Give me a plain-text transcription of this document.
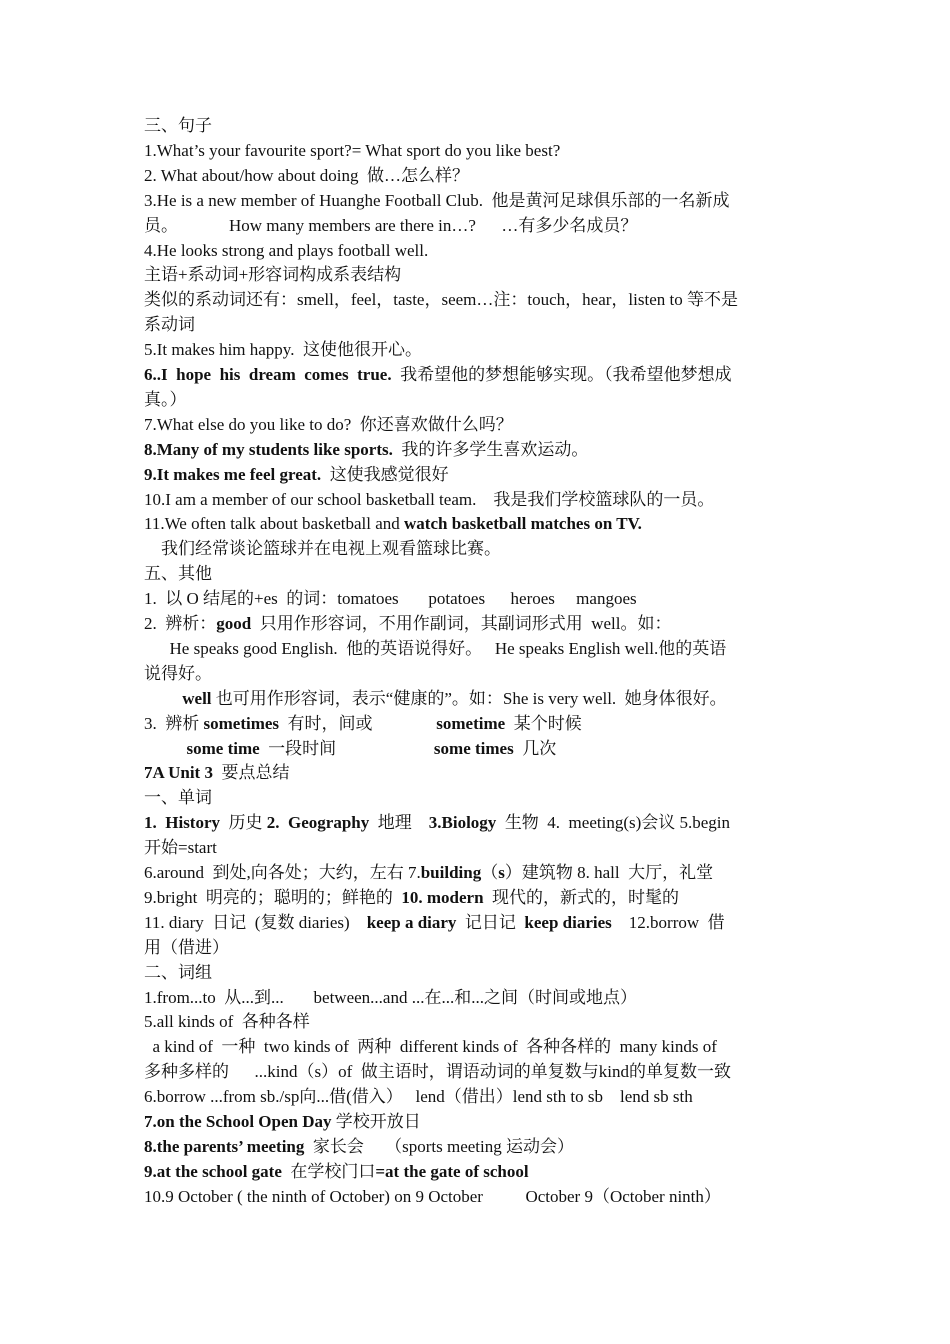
三、句子
1.What’s your favourite sport?= What sport do you like best?
2. What about/how about doing  做…怎么样？
3.He is a new member of Huanghe Football Club.  他是黄河足球俱乐部的一名新成
员。            How many members are there in…?      …有多少名成员？
4.He looks strong and plays football well.
主语+系动词+形容词构成系表结构
类似的系动词还有：smell，feel，taste，seem…注：touch，hear，listen to 等不是
系动词
5.It makes him happy.  这使他很开心。
6..I  hope  his  dream  comes  true.  我希望他的梦想能够实现。（我希望他梦想成
真。）
7.What else do you like to do?  你还喜欢做什么吗？
8.Many of my students like sports.  我的许多学生喜欢运动。
9.It makes me feel great.  这使我感觉很好
10.I am a member of our school basketball team.    我是我们学校篮球队的一员。
11.We often talk about basketball and watch basketball matches on TV.
我们经常谈论篮球并在电视上观看篮球比赛。
五、其他
1.  以 O 结尾的+es  的词：tomatoes       potatoes      heroes     mangoes
2.  辨析：good  只用作形容词，不用作副词，其副词形式用  well。如：
He speaks good English.  他的英语说得好。   He speaks English well.他的英语
说得好。
well 也可用作形容词，表示“健康的”。如：She is very well.  她身体很好。
3.  辨析 sometimes  有时，间或               sometime  某个时候
some time  一段时间                       some times  几次
7A Unit 3  要点总结
一、单词
1.  History  历史 2.  Geography  地理    3.Biology  生物  4.  meeting(s)会议 5.begin
开始=start
6.around  到处,向各处；大约，左右 7.building（s）建筑物 8. hall  大厅，礼堂
9.bright  明亮的；聪明的；鲜艳的  10. modern  现代的，新式的，时髦的
11. diary  日记  (复数 diaries)    keep a diary  记日记  keep diaries    12.borrow  借
用（借进）
二、词组
1.from...to  从...到...       between...and ...在...和...之间（时间或地点）
5.all kinds of  各种各样
a kind of  一种  two kinds of  两种  different kinds of  各种各样的  many kinds of
多种多样的      ...kind（s）of  做主语时，谓语动词的单复数与kind的单复数一致
6.borrow ...from sb./sp向...借(借入）   lend（借出）lend sth to sb    lend sb sth
7.on the School Open Day 学校开放日
8.the parents’ meeting  家长会     （sports meeting 运动会）
9.at the school gate  在学校门口=at the gate of school
10.9 October ( the ninth of October) on 9 October          October 9（October ninth）
